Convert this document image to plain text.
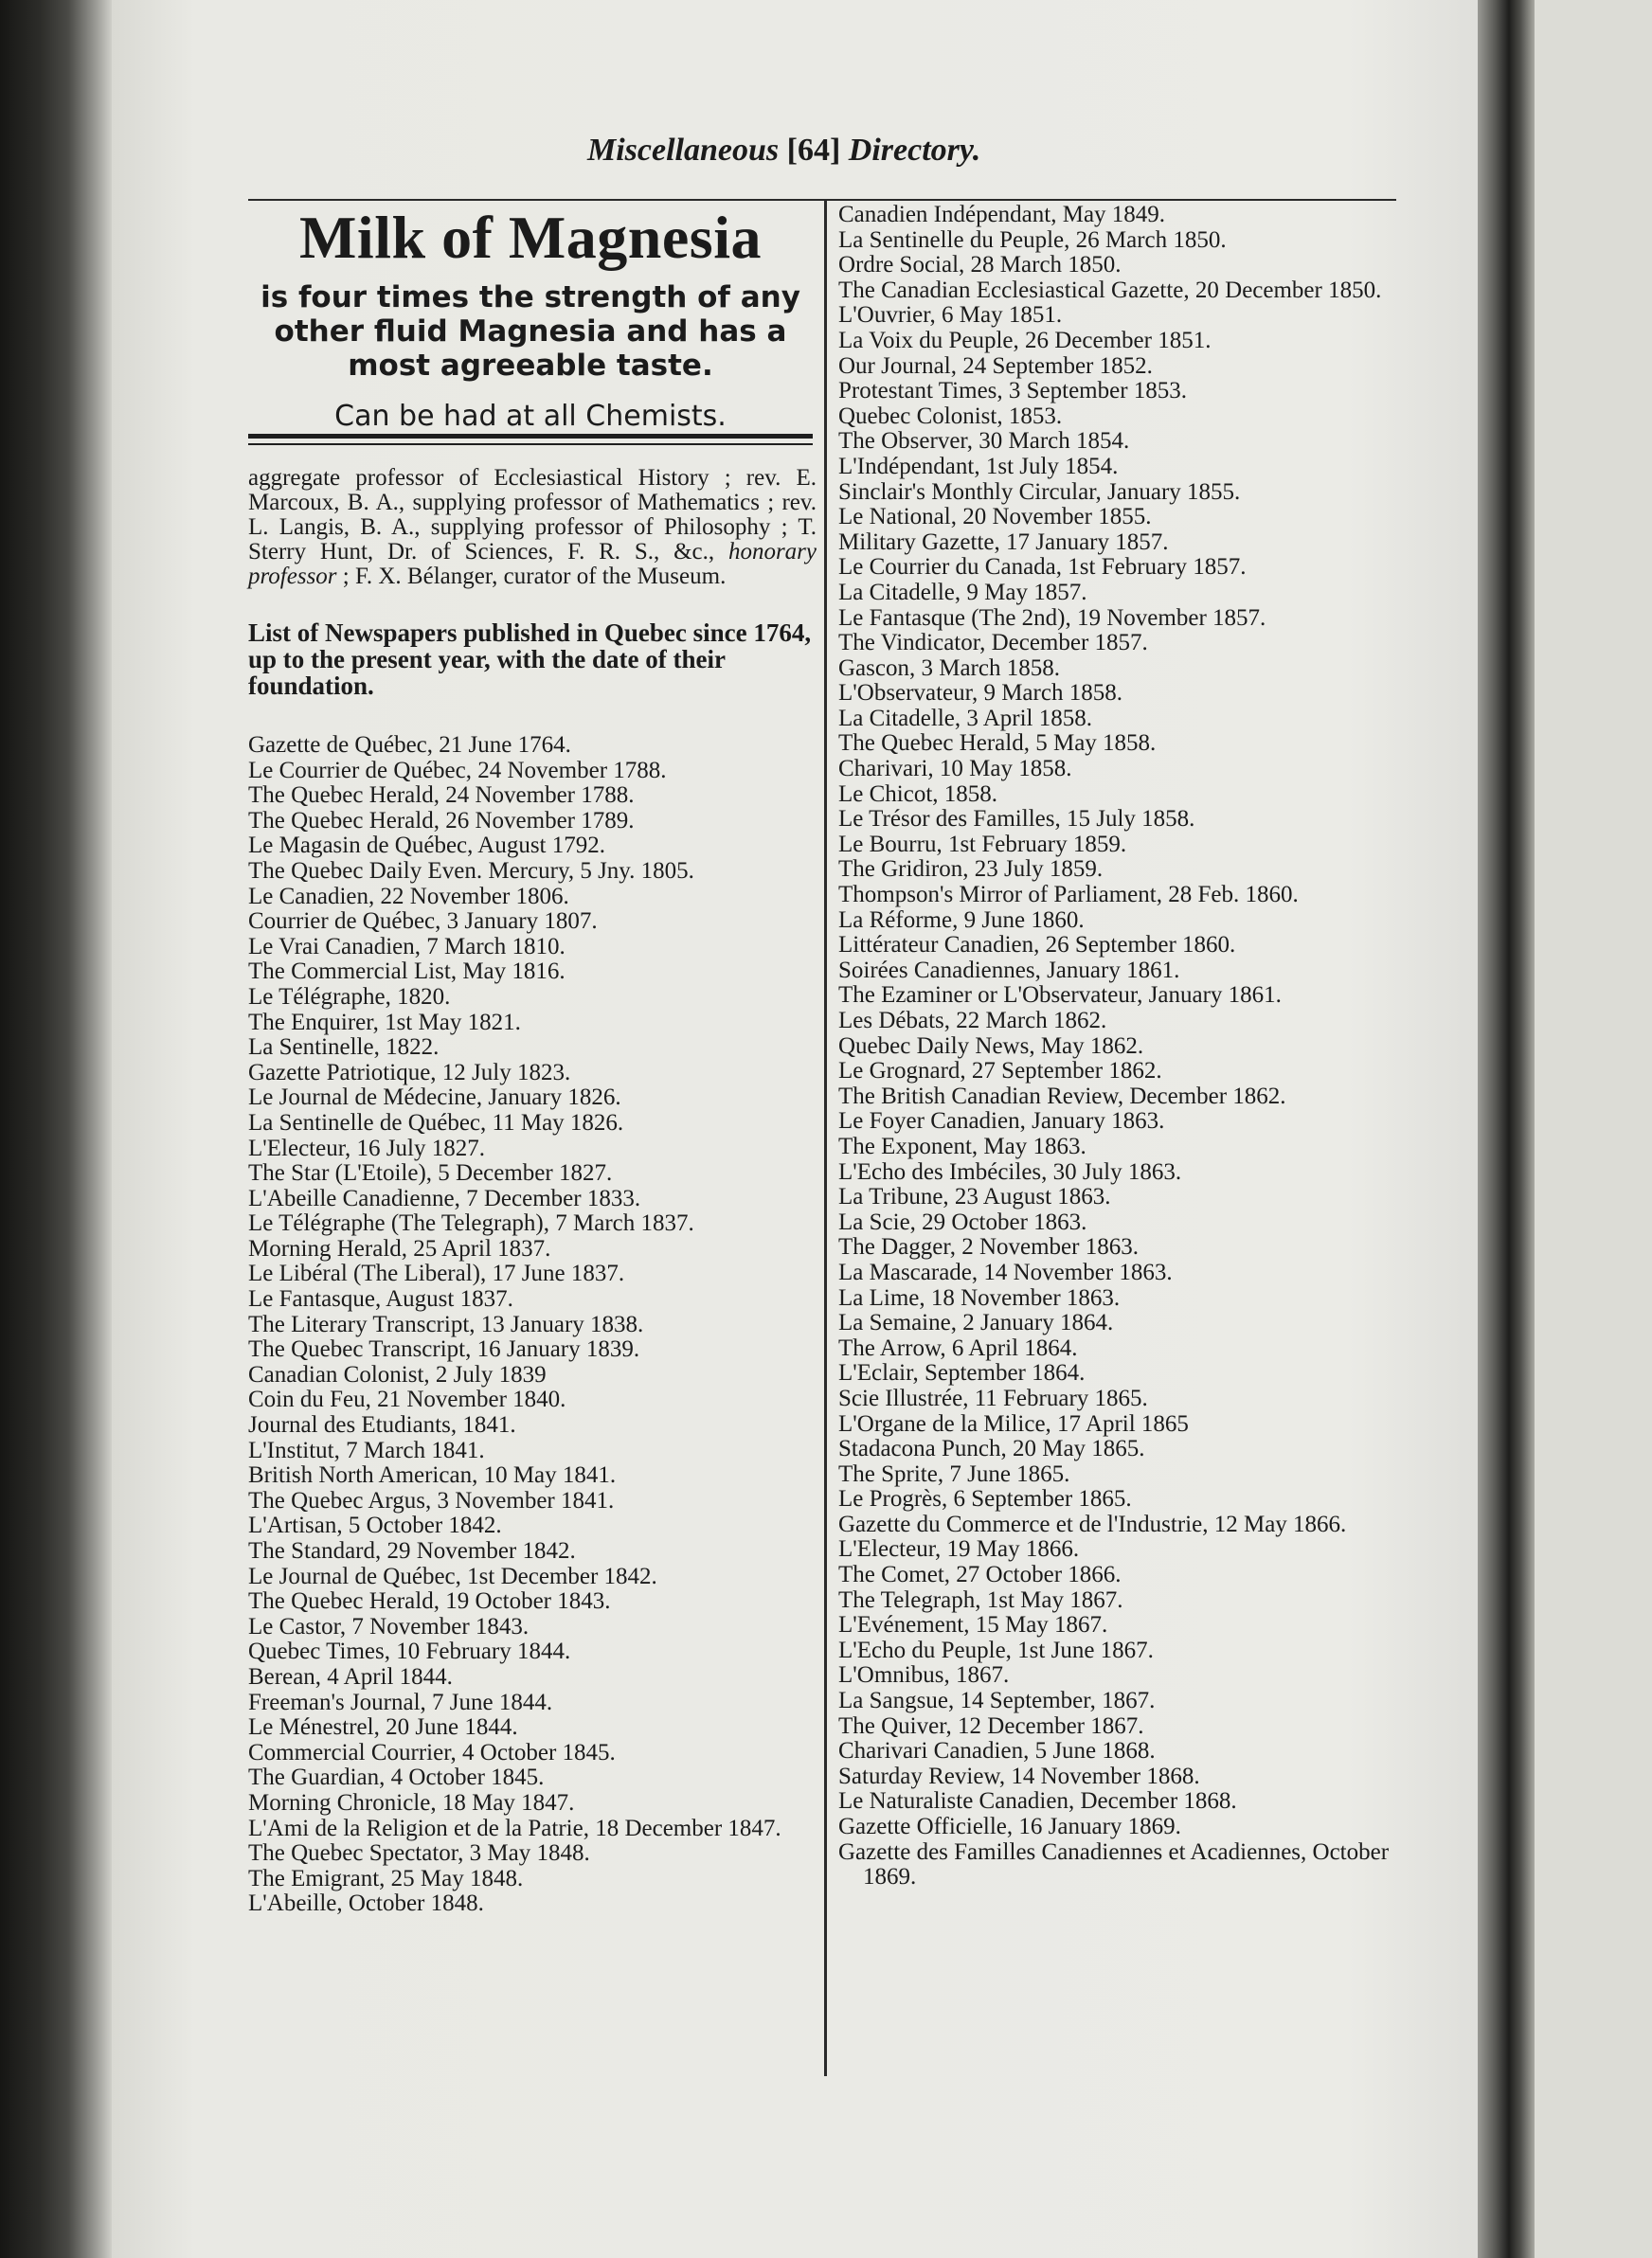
Miscellaneous [64] Directory.
Milk of Magnesia
is four times the strength of any other fluid Magnesia and has a most agreeable taste.
Can be had at all Chemists.

aggregate professor of Ecclesiastical History ; rev. E. Marcoux, B. A., supplying professor of Mathematics ; rev. L. Langis, B. A., supplying professor of Philosophy ; T. Sterry Hunt, Dr. of Sciences, F. R. S., &c., honorary professor ; F. X. Bélanger, curator of the Museum.

List of Newspapers published in Quebec since 1764, up to the present year, with the date of their foundation.
Gazette de Québec, 21 June 1764.
Le Courrier de Québec, 24 November 1788.
The Quebec Herald, 24 November 1788.
The Quebec Herald, 26 November 1789.
Le Magasin de Québec, August 1792.
The Quebec Daily Even. Mercury, 5 Jny. 1805.
Le Canadien, 22 November 1806.
Courrier de Québec, 3 January 1807.
Le Vrai Canadien, 7 March 1810.
The Commercial List, May 1816.
Le Télégraphe, 1820.
The Enquirer, 1st May 1821.
La Sentinelle, 1822.
Gazette Patriotique, 12 July 1823.
Le Journal de Médecine, January 1826.
La Sentinelle de Québec, 11 May 1826.
L'Electeur, 16 July 1827.
The Star (L'Etoile), 5 December 1827.
L'Abeille Canadienne, 7 December 1833.
Le Télégraphe (The Telegraph), 7 March 1837.
Morning Herald, 25 April 1837.
Le Libéral (The Liberal), 17 June 1837.
Le Fantasque, August 1837.
The Literary Transcript, 13 January 1838.
The Quebec Transcript, 16 January 1839.
Canadian Colonist, 2 July 1839
Coin du Feu, 21 November 1840.
Journal des Etudiants, 1841.
L'Institut, 7 March 1841.
British North American, 10 May 1841.
The Quebec Argus, 3 November 1841.
L'Artisan, 5 October 1842.
The Standard, 29 November 1842.
Le Journal de Québec, 1st December 1842.
The Quebec Herald, 19 October 1843.
Le Castor, 7 November 1843.
Quebec Times, 10 February 1844.
Berean, 4 April 1844.
Freeman's Journal, 7 June 1844.
Le Ménestrel, 20 June 1844.
Commercial Courrier, 4 October 1845.
The Guardian, 4 October 1845.
Morning Chronicle, 18 May 1847.
L'Ami de la Religion et de la Patrie, 18 December 1847.
The Quebec Spectator, 3 May 1848.
The Emigrant, 25 May 1848.
L'Abeille, October 1848.
Canadien Indépendant, May 1849.
La Sentinelle du Peuple, 26 March 1850.
Ordre Social, 28 March 1850.
The Canadian Ecclesiastical Gazette, 20 December 1850.
L'Ouvrier, 6 May 1851.
La Voix du Peuple, 26 December 1851.
Our Journal, 24 September 1852.
Protestant Times, 3 September 1853.
Quebec Colonist, 1853.
The Observer, 30 March 1854.
L'Indépendant, 1st July 1854.
Sinclair's Monthly Circular, January 1855.
Le National, 20 November 1855.
Military Gazette, 17 January 1857.
Le Courrier du Canada, 1st February 1857.
La Citadelle, 9 May 1857.
Le Fantasque (The 2nd), 19 November 1857.
The Vindicator, December 1857.
Gascon, 3 March 1858.
L'Observateur, 9 March 1858.
La Citadelle, 3 April 1858.
The Quebec Herald, 5 May 1858.
Charivari, 10 May 1858.
Le Chicot, 1858.
Le Trésor des Familles, 15 July 1858.
Le Bourru, 1st February 1859.
The Gridiron, 23 July 1859.
Thompson's Mirror of Parliament, 28 Feb. 1860.
La Réforme, 9 June 1860.
Littérateur Canadien, 26 September 1860.
Soirées Canadiennes, January 1861.
The Ezaminer or L'Observateur, January 1861.
Les Débats, 22 March 1862.
Quebec Daily News, May 1862.
Le Grognard, 27 September 1862.
The British Canadian Review, December 1862.
Le Foyer Canadien, January 1863.
The Exponent, May 1863.
L'Echo des Imbéciles, 30 July 1863.
La Tribune, 23 August 1863.
La Scie, 29 October 1863.
The Dagger, 2 November 1863.
La Mascarade, 14 November 1863.
La Lime, 18 November 1863.
La Semaine, 2 January 1864.
The Arrow, 6 April 1864.
L'Eclair, September 1864.
Scie Illustrée, 11 February 1865.
L'Organe de la Milice, 17 April 1865
Stadacona Punch, 20 May 1865.
The Sprite, 7 June 1865.
Le Progrès, 6 September 1865.
Gazette du Commerce et de l'Industrie, 12 May 1866.
L'Electeur, 19 May 1866.
The Comet, 27 October 1866.
The Telegraph, 1st May 1867.
L'Evénement, 15 May 1867.
L'Echo du Peuple, 1st June 1867.
L'Omnibus, 1867.
La Sangsue, 14 September, 1867.
The Quiver, 12 December 1867.
Charivari Canadien, 5 June 1868.
Saturday Review, 14 November 1868.
Le Naturaliste Canadien, December 1868.
Gazette Officielle, 16 January 1869.
Gazette des Familles Canadiennes et Acadiennes, October 1869.
